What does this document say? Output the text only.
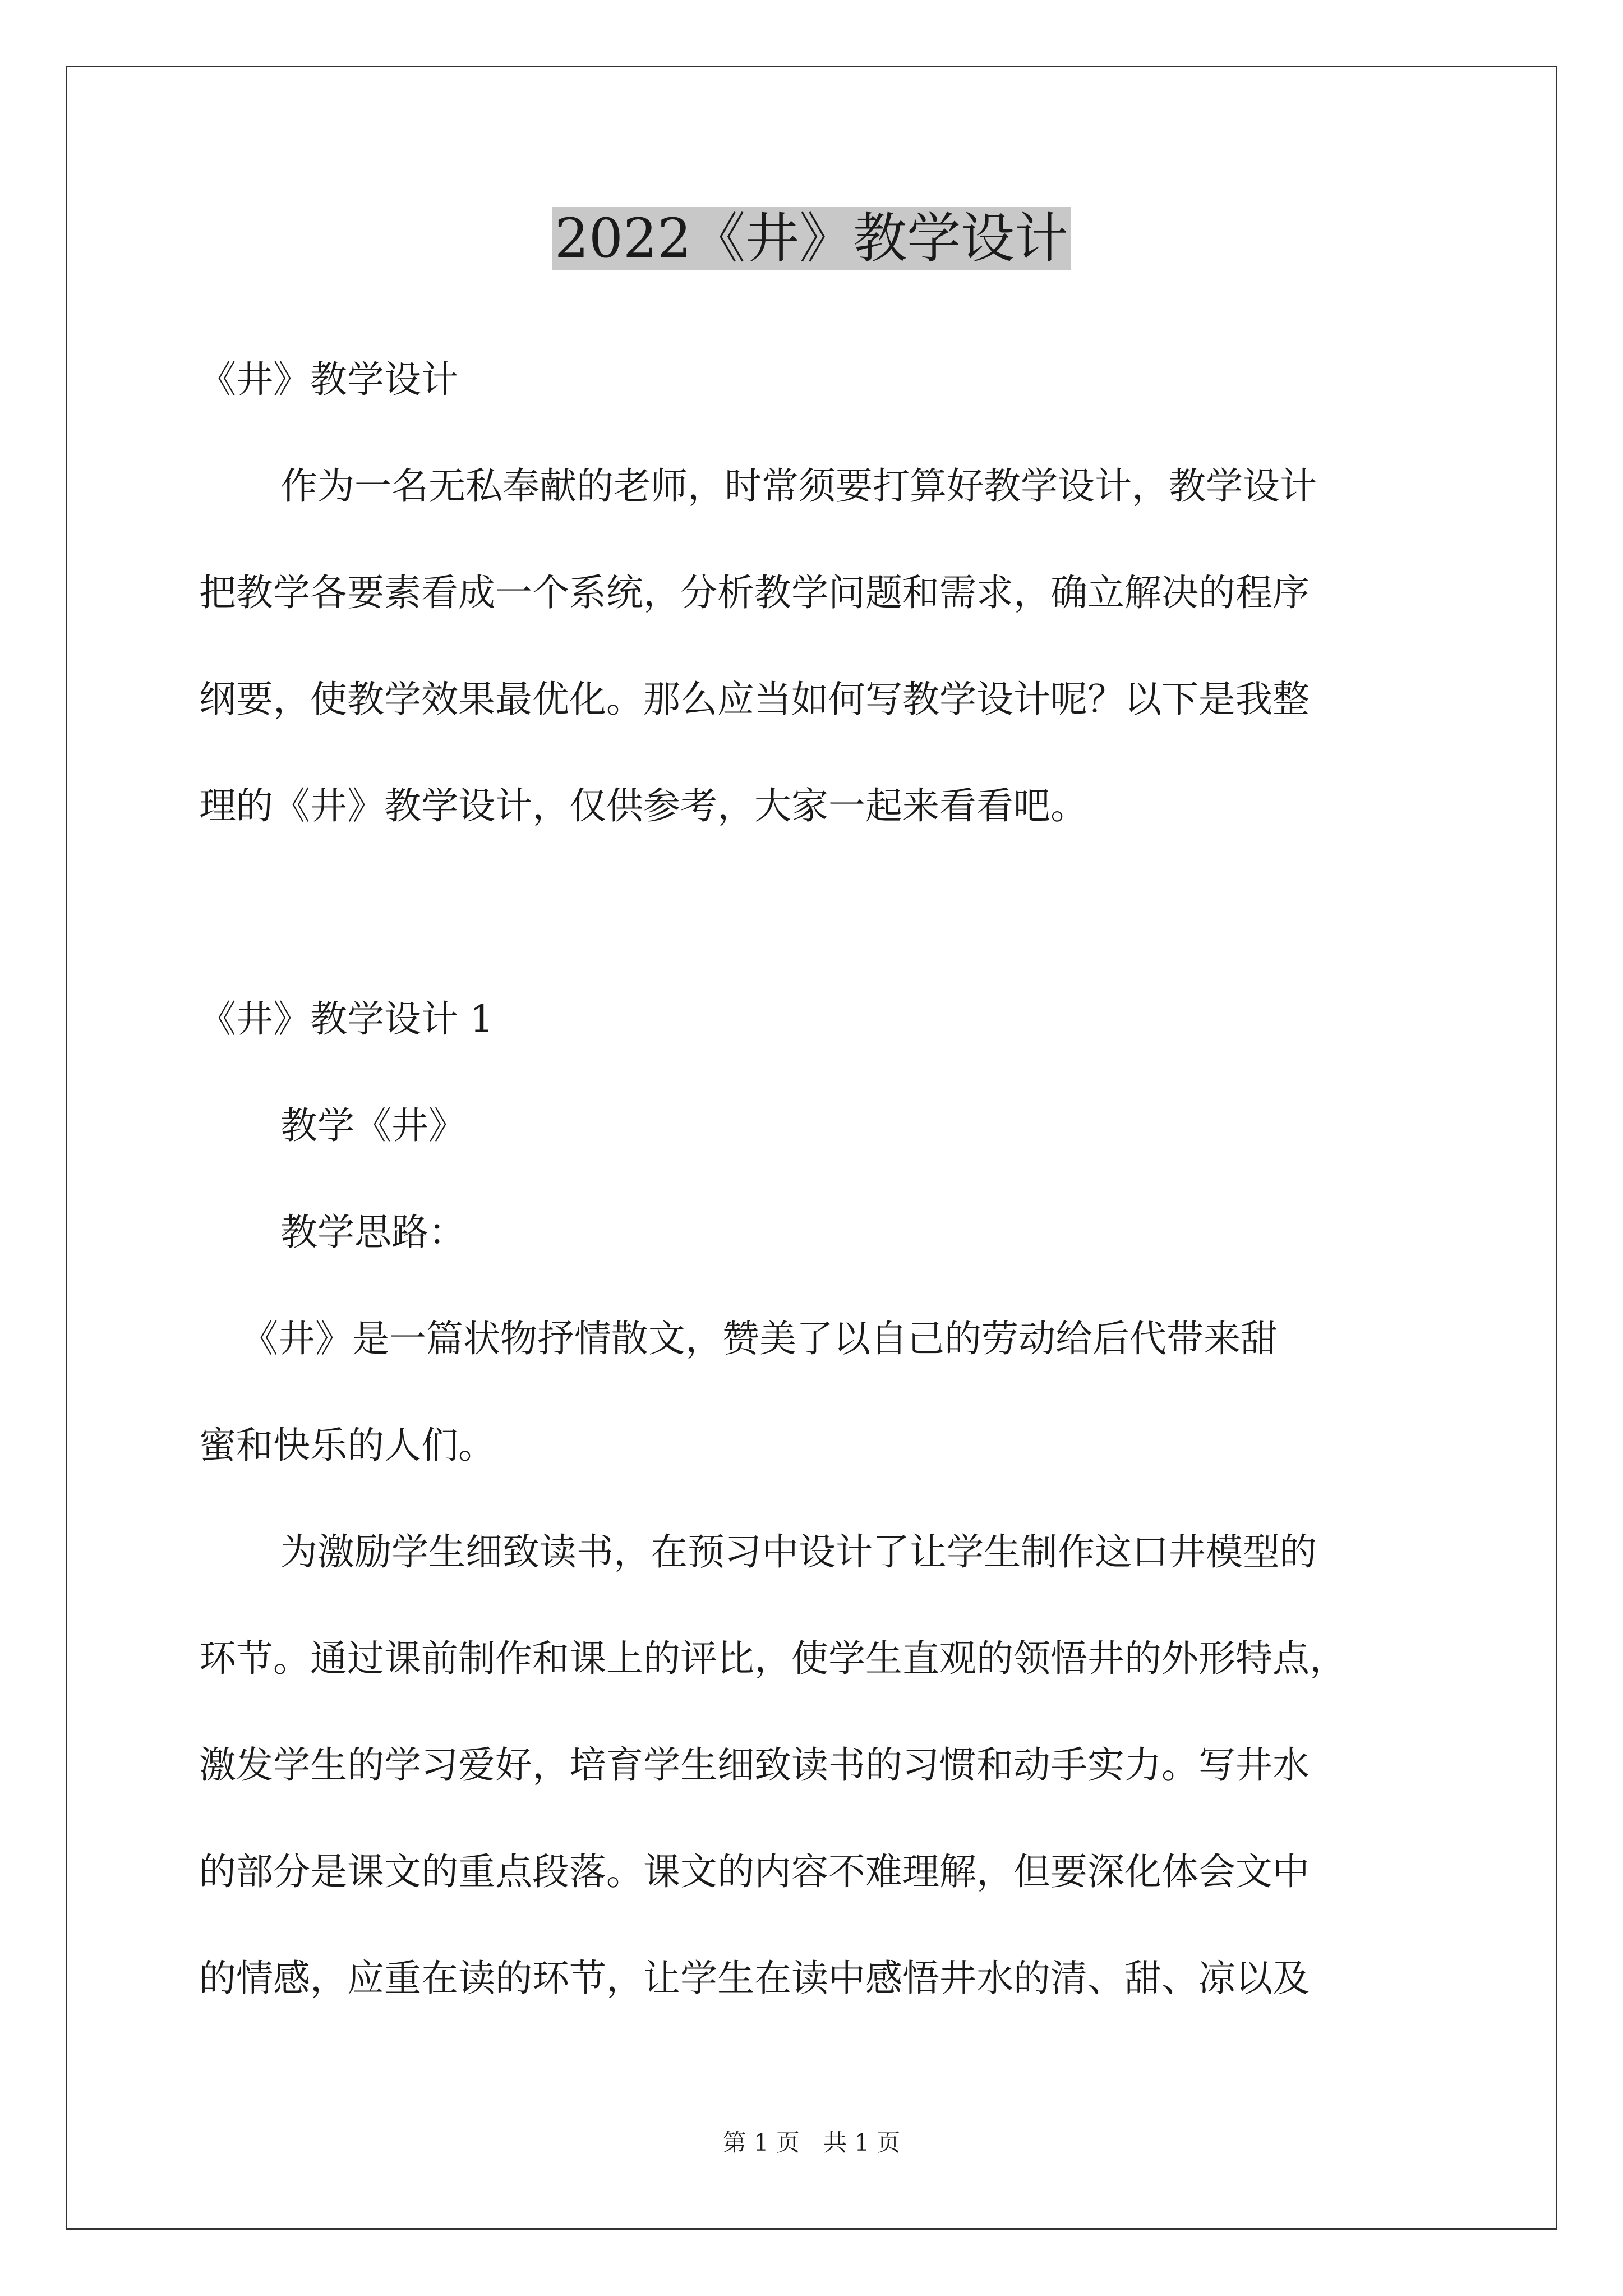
2022《井》教学设计
《井》教学设计
作为一名无私奉献的老师，时常须要打算好教学设计，教学设计
把教学各要素看成一个系统，分析教学问题和需求，确立解决的程序
纲要，使教学效果最优化。那么应当如何写教学设计呢？以下是我整
理的《井》教学设计，仅供参考，大家一起来看看吧。
《井》教学设计 1
教学《井》
教学思路：
《井》是一篇状物抒情散文，赞美了以自己的劳动给后代带来甜
蜜和快乐的人们。
为激励学生细致读书，在预习中设计了让学生制作这口井模型的
环节。通过课前制作和课上的评比，使学生直观的领悟井的外形特点，
激发学生的学习爱好，培育学生细致读书的习惯和动手实力。写井水
的部分是课文的重点段落。课文的内容不难理解，但要深化体会文中
的情感，应重在读的环节，让学生在读中感悟井水的清、甜、凉以及
第 1 页　共 1 页
